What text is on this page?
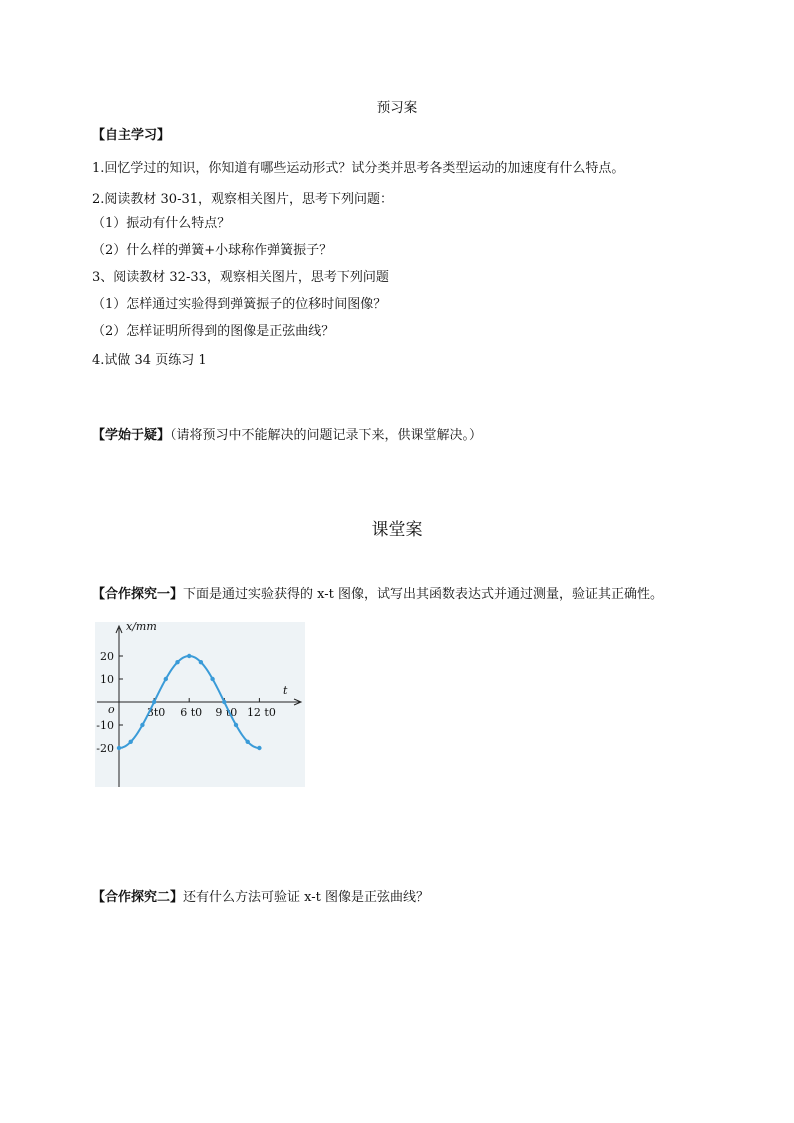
预习案
【自主学习】
1.回忆学过的知识，你知道有哪些运动形式？试分类并思考各类型运动的加速度有什么特点。
2.阅读教材 30-31，观察相关图片，思考下列问题：
（1）振动有什么特点？
（2）什么样的弹簧+小球称作弹簧振子？
3、阅读教材 32-33，观察相关图片，思考下列问题
（1）怎样通过实验得到弹簧振子的位移时间图像？
（2）怎样证明所得到的图像是正弦曲线？
4.试做 34 页练习 1
【学始于疑】（请将预习中不能解决的问题记录下来，供课堂解决。）
课堂案
【合作探究一】下面是通过实验获得的 x-t 图像，试写出其函数表达式并通过测量，验证其正确性。
20
10
-10
-20
3t0 6 t0 9 t0 12 t0
o
x/mm
t
【合作探究二】还有什么方法可验证 x-t 图像是正弦曲线？
